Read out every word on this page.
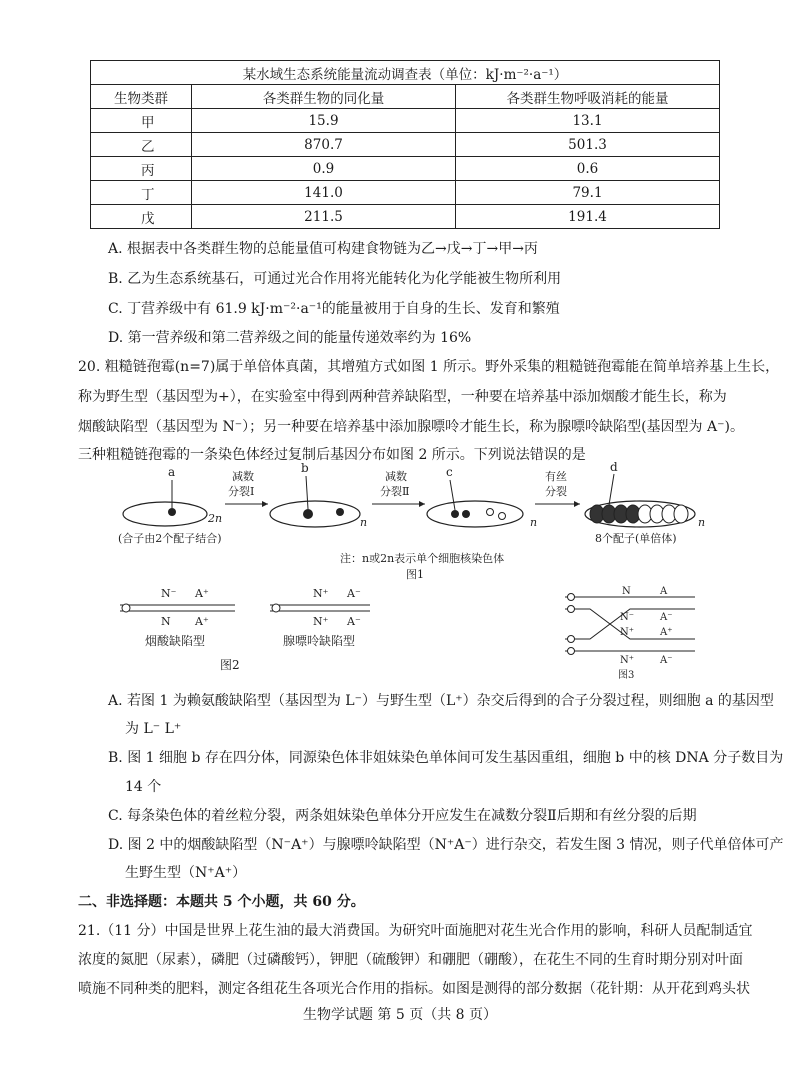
某水域生态系统能量流动调查表（单位：kJ·m⁻²·a⁻¹）		
生物类群	各类群生物的同化量	各类群生物呼吸消耗的能量
甲	15.9	13.1
乙	870.7	501.3
丙	0.9	0.6
丁	141.0	79.1
戊	211.5	191.4
A. 根据表中各类群生物的总能量值可构建食物链为乙→戊→丁→甲→丙
B. 乙为生态系统基石，可通过光合作用将光能转化为化学能被生物所利用
C. 丁营养级中有 61.9 kJ·m⁻²·a⁻¹的能量被用于自身的生长、发育和繁殖
D. 第一营养级和第二营养级之间的能量传递效率约为 16%
20. 粗糙链孢霉(n=7)属于单倍体真菌，其增殖方式如图 1 所示。野外采集的粗糙链孢霉能在简单培养基上生长，
称为野生型（基因型为+），在实验室中得到两种营养缺陷型，一种要在培养基中添加烟酸才能生长，称为
烟酸缺陷型（基因型为 N⁻）；另一种要在培养基中添加腺嘌呤才能生长，称为腺嘌呤缺陷型(基因型为 A⁻)。
三种粗糙链孢霉的一条染色体经过复制后基因分布如图 2 所示。下列说法错误的是
a
2n
(合子由2个配子结合)
减数
分裂Ⅰ
b
n
减数
分裂Ⅱ
c
n
有丝
分裂
d
n
8个配子(单倍体)
注：n或2n表示单个细胞核染色体
图1
N⁻ A⁺
N A⁺
烟酸缺陷型
N⁺ A⁻
N⁺ A⁻
腺嘌呤缺陷型
图2
N	A
N⁻	A⁻
N⁺	A⁺
N⁺	A⁻
图3
A. 若图 1 为赖氨酸缺陷型（基因型为 L⁻）与野生型（L⁺）杂交后得到的合子分裂过程，则细胞 a 的基因型
为 L⁻ L⁺
B. 图 1 细胞 b 存在四分体，同源染色体非姐妹染色单体间可发生基因重组，细胞 b 中的核 DNA 分子数目为
14 个
C. 每条染色体的着丝粒分裂，两条姐妹染色单体分开应发生在减数分裂Ⅱ后期和有丝分裂的后期
D. 图 2 中的烟酸缺陷型（N⁻A⁺）与腺嘌呤缺陷型（N⁺A⁻）进行杂交，若发生图 3 情况，则子代单倍体可产
生野生型（N⁺A⁺）
二、非选择题：本题共 5 个小题，共 60 分。
21.（11 分）中国是世界上花生油的最大消费国。为研究叶面施肥对花生光合作用的影响，科研人员配制适宜
浓度的氮肥（尿素），磷肥（过磷酸钙），钾肥（硫酸钾）和硼肥（硼酸），在花生不同的生育时期分别对叶面
喷施不同种类的肥料，测定各组花生各项光合作用的指标。如图是测得的部分数据（花针期：从开花到鸡头状
生物学试题 第 5 页（共 8 页）
